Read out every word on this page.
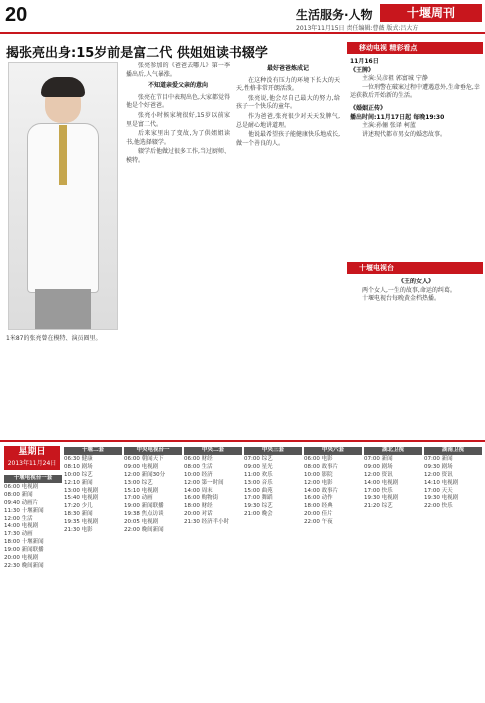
20	生活服务·人物	十堰周刊
2013年11月15日 责任编辑:曹薇 版式:吕大方
揭张亮出身:15岁前是富二代 供姐姐读书辍学
1米87的张亮曾在模特、演员圈里。

张亮参加的《爸爸去哪儿》第一季播出后,人气暴涨。

不知道亲爱父亲的意向

张亮在节目中表现出色,大家都觉得他是个好爸爸。

张亮小时候家境很好,15岁以前家里是富二代。

后来家里出了变故,为了供姐姐读书,他选择辍学。

辍学后他做过很多工作,当过厨师、模特。

最好爸爸炼成记

在这种没有压力的环境下长大的天天,性格非常开朗活泼。

张亮说,他会尽自己最大的努力,给孩子一个快乐的童年。

作为爸爸,张亮很少对天天发脾气,总是耐心地讲道理。

他说最希望孩子能健康快乐地成长,做一个善良的人。

移动电视 精彩看点
11月16日
《王牌》

主演:吴彦祖 郭富城 宁静

一位刑警在破案过程中遭遇意外,生命垂危,幸运获救后开始新的生活。

《婚姻正传》
播出时间:11月17日起 每晚19:30

主演:孙俪 张译 柯蓝

讲述现代都市男女的婚恋故事。

十堰电视台
《王的女人》

两个女人,一生的故事,命运的纠葛。

十堰电视台每晚黄金档热播。

星期日
2013年11月24日
十堰电视台一套
06:00 电视剧
08:00 新闻
09:40 动画片
11:30 十堰新闻
12:00 生活
14:00 电视剧
17:30 动画
18:00 十堰新闻
19:00 新闻联播
20:00 电视剧
22:30 晚间新闻
十堰二套
06:30 健康
08:10 剧场
10:00 综艺
12:10 新闻
13:00 电视剧
15:40 电视剧
17:20 少儿
18:30 新闻
19:35 电视剧
21:30 电影
中央电视台一
06:00 朝闻天下
09:00 电视剧
12:00 新闻30分
13:00 综艺
15:10 电视剧
17:00 动画
19:00 新闻联播
19:38 焦点访谈
20:05 电视剧
22:00 晚间新闻
中央二套
06:00 财经
08:00 生活
10:00 经济
12:00 第一时间
14:00 周末
16:00 购物街
18:00 财经
20:00 对话
21:30 经济半小时
中央三套
07:00 综艺
09:00 星光
11:00 欢乐
13:00 音乐
15:00 曲苑
17:00 舞蹈
19:30 综艺
21:00 晚会
中央六套
06:00 电影
08:00 故事片
10:00 影院
12:00 电影
14:00 故事片
16:00 动作
18:00 经典
20:00 佳片
22:00 午夜
湖北卫视
07:00 新闻
09:00 剧场
12:00 资讯
14:00 电视剧
17:00 快乐
19:30 电视剧
21:20 综艺
湖南卫视
07:00 新闻
09:30 剧场
12:00 资讯
14:10 电视剧
17:00 天天
19:30 电视剧
22:00 快乐
